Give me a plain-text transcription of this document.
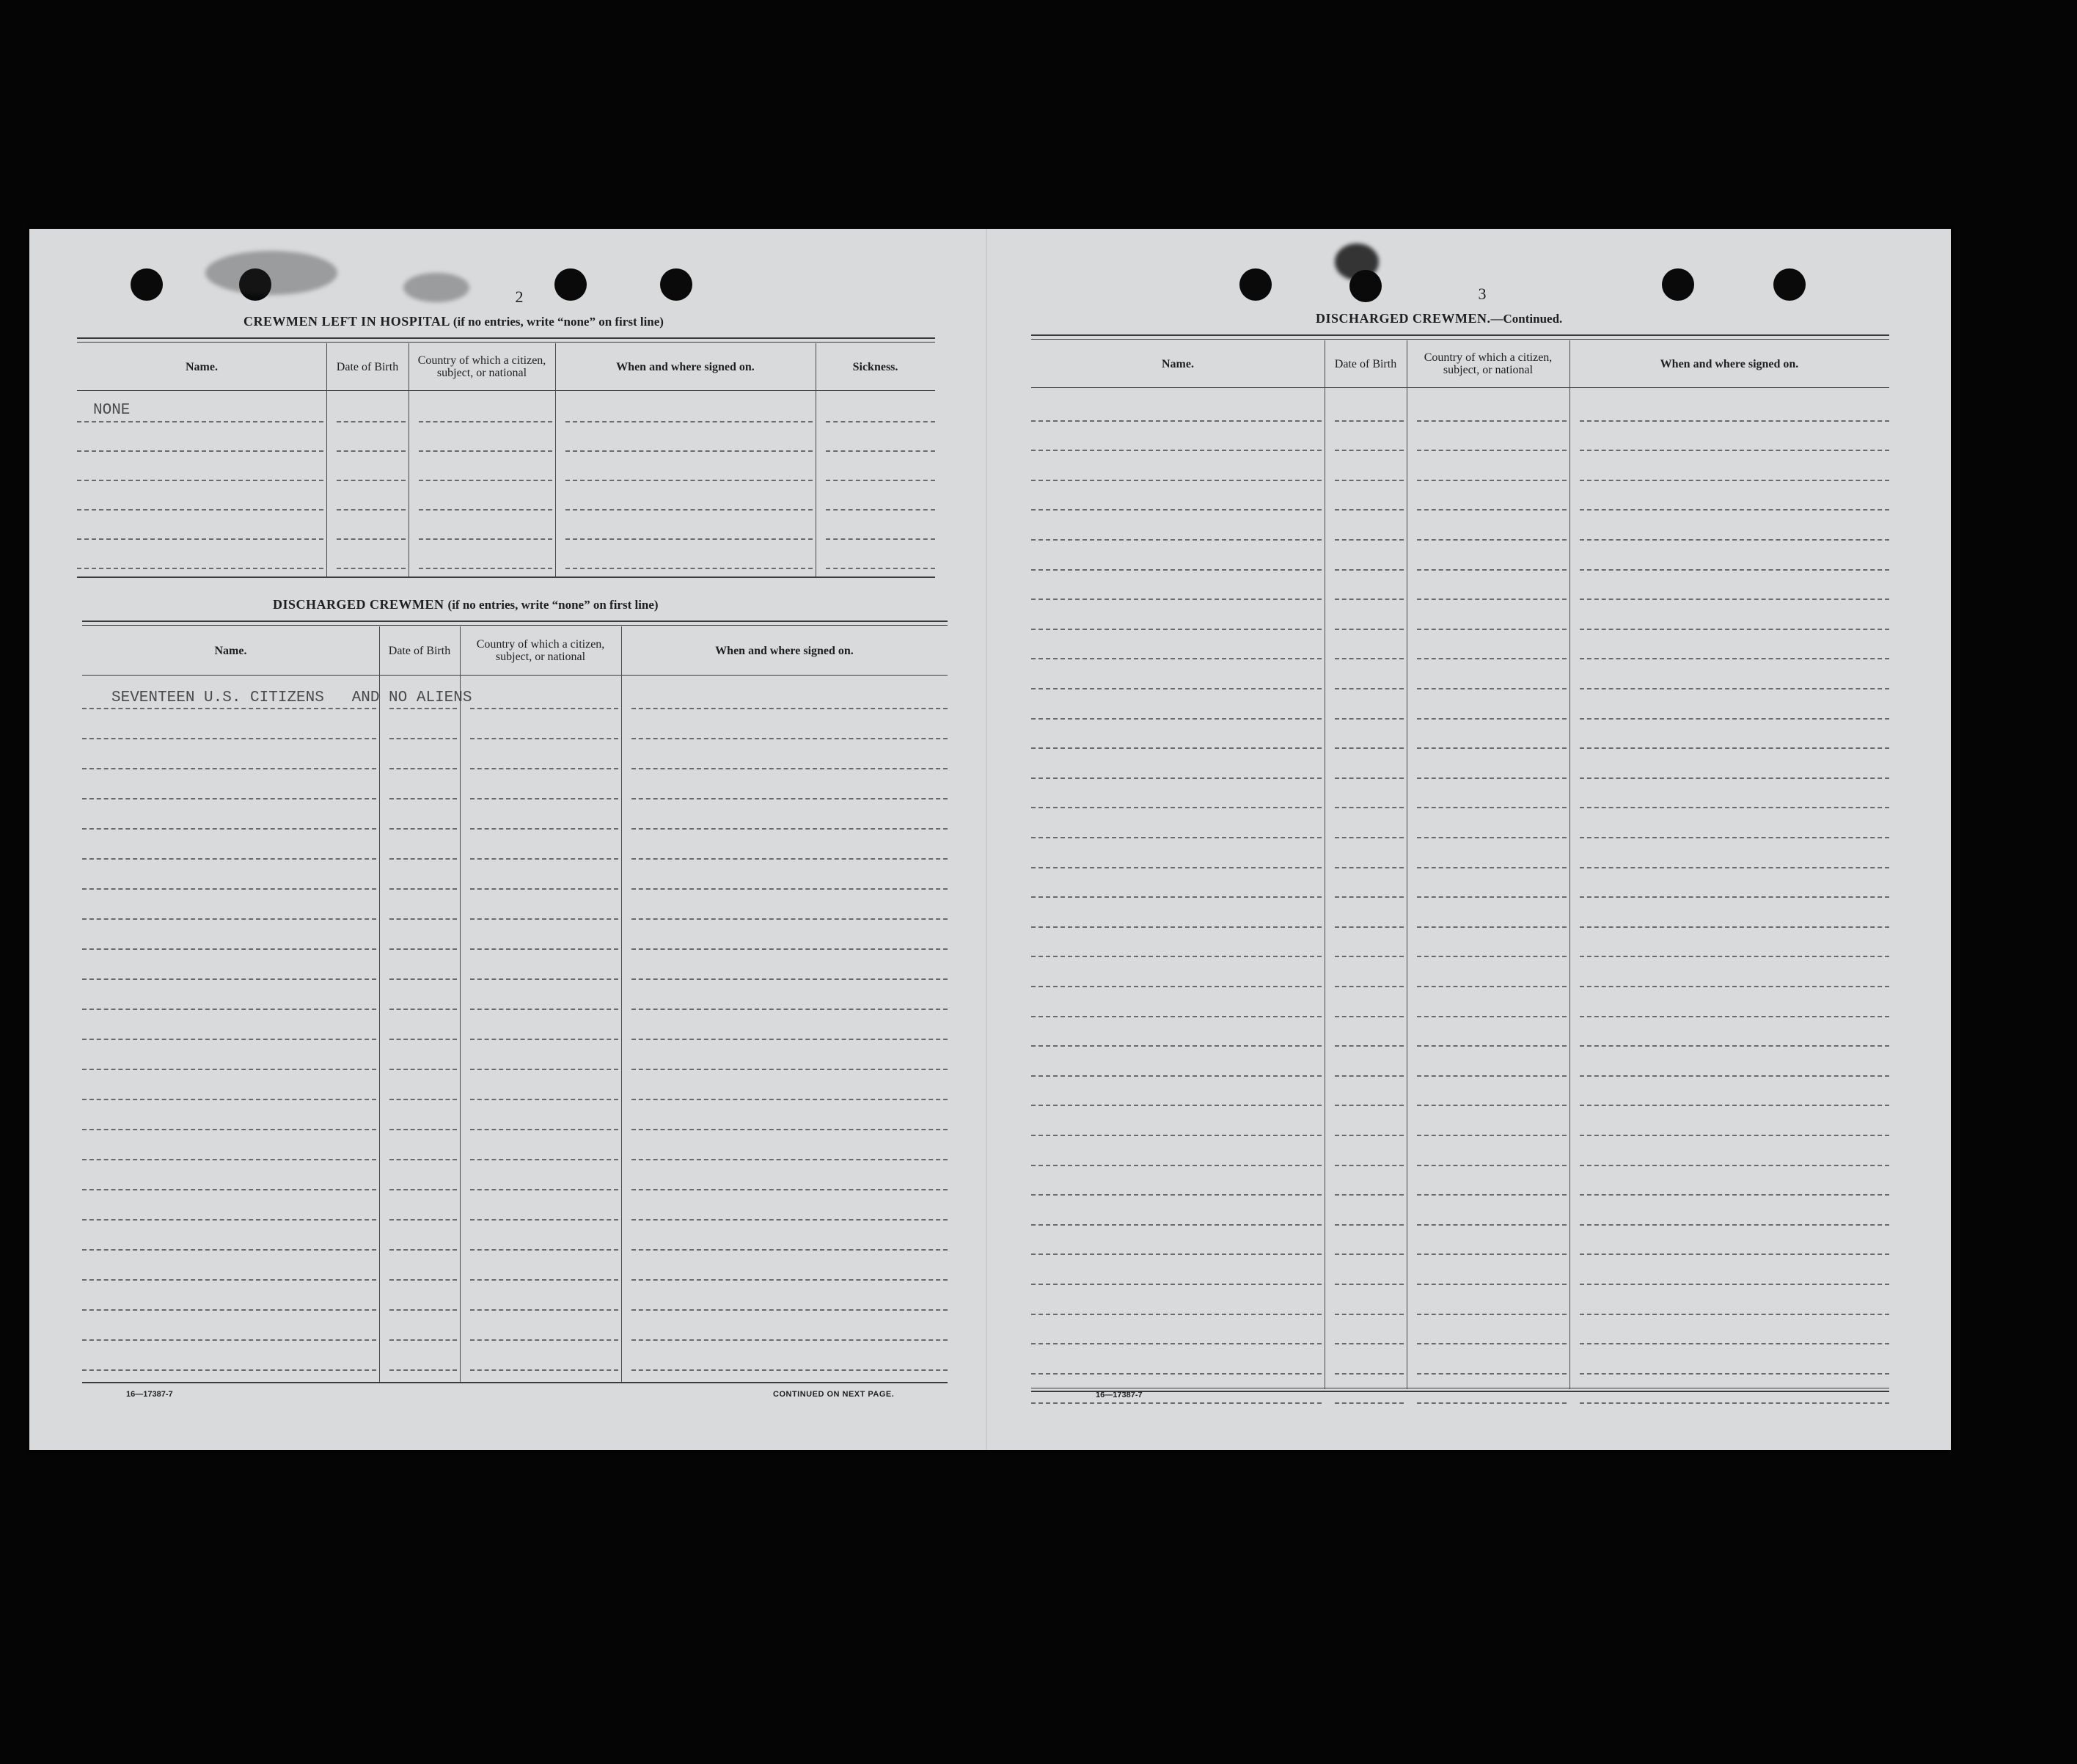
2
CREWMEN LEFT IN HOSPITAL (if no entries, write “none” on first line)
Name.	Date of Birth	Country of which a citizen, subject, or national	When and where signed on.	Sickness.
NONE
DISCHARGED CREWMEN (if no entries, write “none” on first line)
Name.	Date of Birth	Country of which a citizen, subject, or national	When and where signed on.
SEVENTEEN U.S. CITIZENS   AND NO ALIENS
16—17387-7	CONTINUED ON NEXT PAGE.
3
DISCHARGED CREWMEN.—Continued.
Name.	Date of Birth	Country of which a citizen, subject, or national	When and where signed on.
16—17387-7
